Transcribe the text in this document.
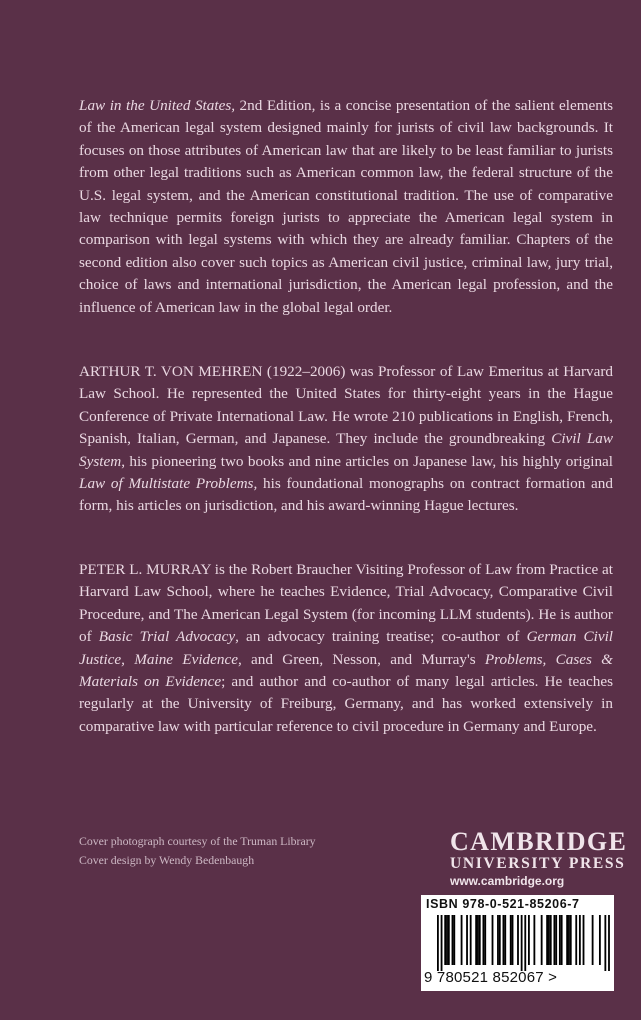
Law in the United States, 2nd Edition, is a concise presentation of the salient elements of the American legal system designed mainly for jurists of civil law backgrounds. It focuses on those attributes of American law that are likely to be least familiar to jurists from other legal traditions such as American common law, the federal structure of the U.S. legal system, and the American constitutional tradition. The use of comparative law technique permits foreign jurists to appreciate the American legal system in comparison with legal systems with which they are already familiar. Chapters of the second edition also cover such topics as American civil justice, criminal law, jury trial, choice of laws and international jurisdiction, the American legal profession, and the influence of American law in the global legal order.

ARTHUR T. VON MEHREN (1922–2006) was Professor of Law Emeritus at Harvard Law School. He represented the United States for thirty-eight years in the Hague Conference of Private International Law. He wrote 210 publications in English, French, Spanish, Italian, German, and Japanese. They include the groundbreaking Civil Law System, his pioneering two books and nine articles on Japanese law, his highly original Law of Multistate Problems, his foundational monographs on contract formation and form, his articles on jurisdiction, and his award-winning Hague lectures.

PETER L. MURRAY is the Robert Braucher Visiting Professor of Law from Practice at Harvard Law School, where he teaches Evidence, Trial Advocacy, Comparative Civil Procedure, and The American Legal System (for incoming LLM students). He is author of Basic Trial Advocacy, an advocacy training treatise; co-author of German Civil Justice, Maine Evidence, and Green, Nesson, and Murray's Problems, Cases & Materials on Evidence; and author and co-author of many legal articles. He teaches regularly at the University of Freiburg, Germany, and has worked extensively in comparative law with particular reference to civil procedure in Germany and Europe.

Cover photograph courtesy of the Truman Library
Cover design by Wendy Bedenbaugh
CAMBRIDGE
UNIVERSITY PRESS
www.cambridge.org
ISBN 978-0-521-85206-7
9 780521 852067 >
